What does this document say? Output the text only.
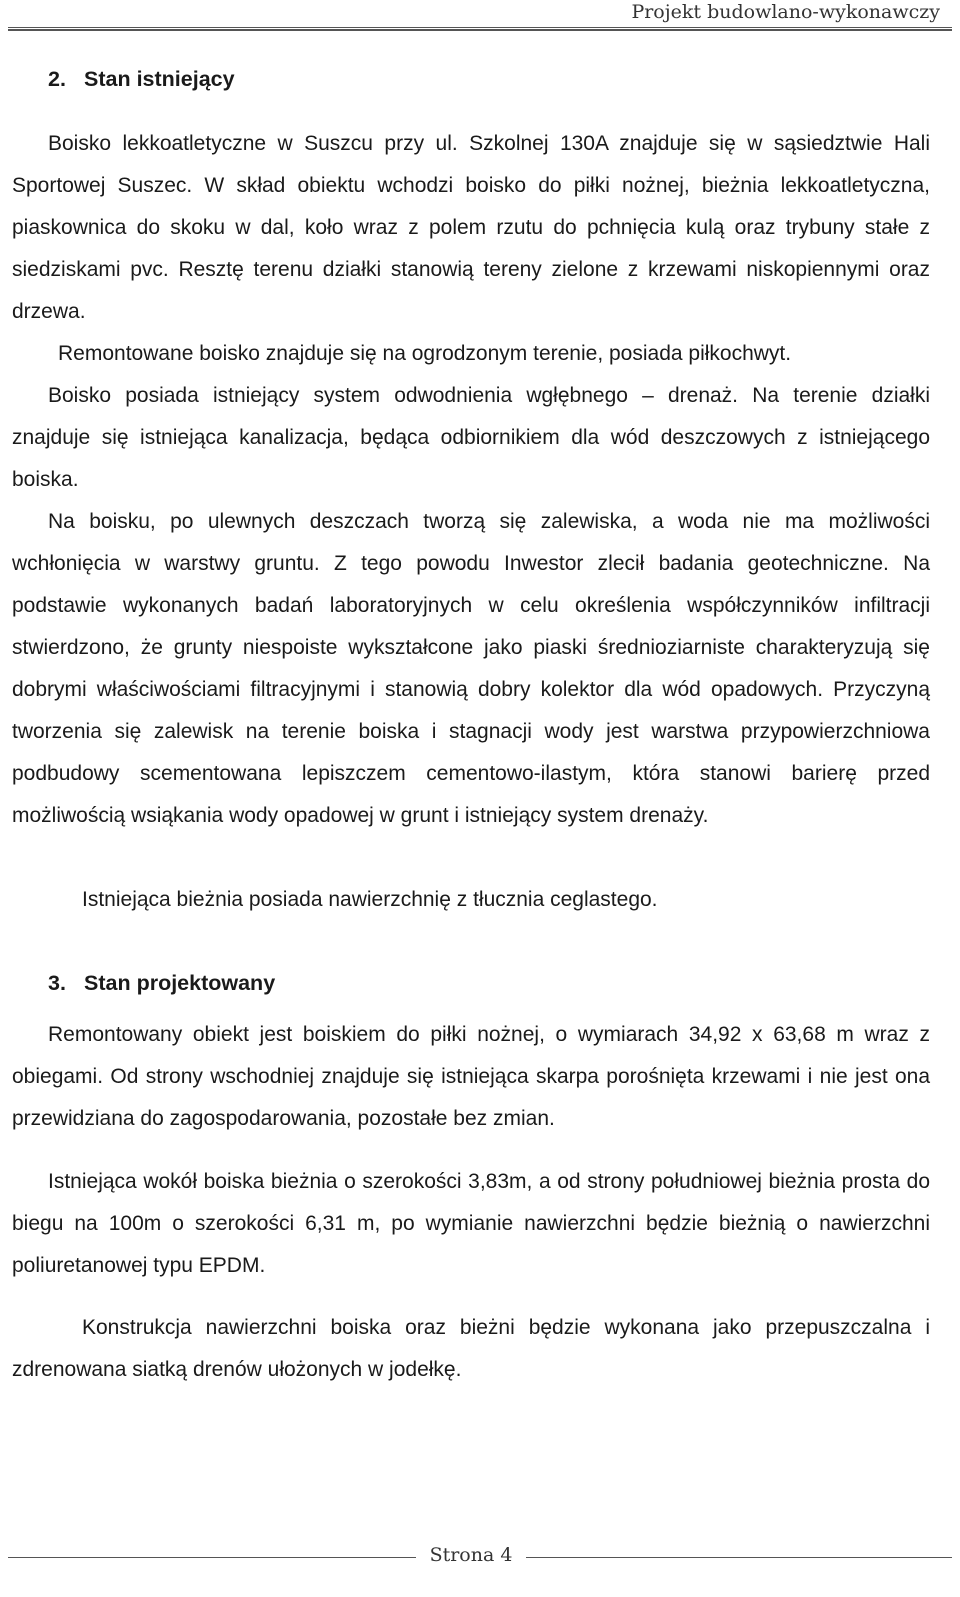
Projekt budowlano-wykonawczy

2. Stan istniejący

Boisko lekkoatletyczne w Suszcu przy ul. Szkolnej 130A znajduje się w sąsiedztwie Hali Sportowej Suszec. W skład obiektu wchodzi boisko do piłki nożnej, bieżnia lekkoatletyczna, piaskownica do skoku w dal, koło wraz z polem rzutu do pchnięcia kulą oraz trybuny stałe z siedziskami pvc. Resztę terenu działki stanowią tereny zielone z krzewami niskopiennymi oraz drzewa.

Remontowane boisko znajduje się na ogrodzonym terenie, posiada piłkochwyt.

Boisko posiada istniejący system odwodnienia wgłębnego – drenaż. Na terenie działki znajduje się istniejąca kanalizacja, będąca odbiornikiem dla wód deszczowych z istniejącego boiska.

Na boisku, po ulewnych deszczach tworzą się zalewiska, a woda nie ma możliwości wchłonięcia w warstwy gruntu. Z tego powodu Inwestor zlecił badania geotechniczne. Na podstawie wykonanych badań laboratoryjnych w celu określenia współczynników infiltracji stwierdzono, że grunty niespoiste wykształcone jako piaski średnioziarniste charakteryzują się dobrymi właściwościami filtracyjnymi i stanowią dobry kolektor dla wód opadowych. Przyczyną tworzenia się zalewisk na terenie boiska i stagnacji wody jest warstwa przypowierzchniowa podbudowy scementowana lepiszczem cementowo-ilastym, która stanowi barierę przed możliwością wsiąkania wody opadowej w grunt i istniejący system drenaży.

Istniejąca bieżnia posiada nawierzchnię z tłucznia ceglastego.

3. Stan projektowany

Remontowany obiekt jest boiskiem do piłki nożnej, o wymiarach 34,92 x 63,68 m wraz z obiegami. Od strony wschodniej znajduje się istniejąca skarpa porośnięta krzewami i nie jest ona przewidziana do zagospodarowania, pozostałe bez zmian.

Istniejąca wokół boiska bieżnia o szerokości 3,83m, a od strony południowej bieżnia prosta do biegu na 100m o szerokości 6,31 m, po wymianie nawierzchni będzie bieżnią o nawierzchni poliuretanowej typu EPDM.

Konstrukcja nawierzchni boiska oraz bieżni będzie wykonana jako przepuszczalna i zdrenowana siatką drenów ułożonych w jodełkę.

Strona 4
